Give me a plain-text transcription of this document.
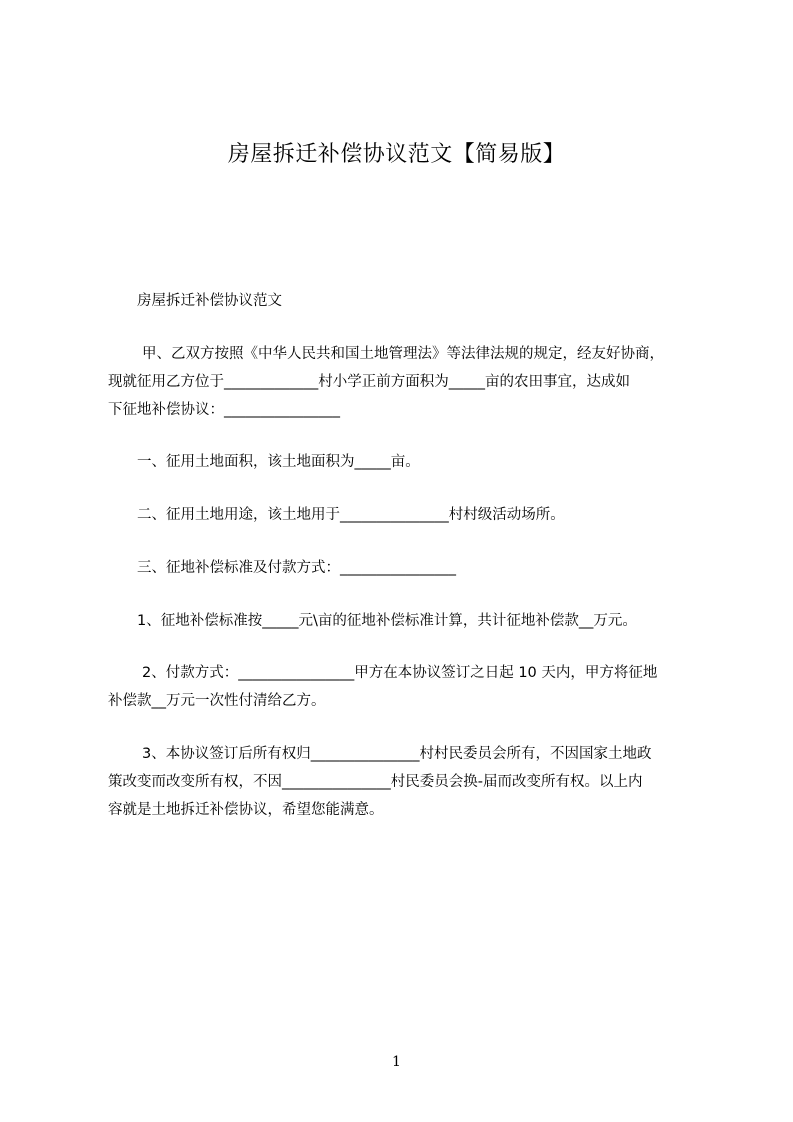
房屋拆迁补偿协议范文【简易版】
房屋拆迁补偿协议范文
甲、乙双方按照《中华人民共和国土地管理法》等法律法规的规定，经友好协商，
现就征用乙方位于_____________村小学正前方面积为_____亩的农田事宜，达成如
下征地补偿协议：________________
一、征用土地面积，该土地面积为_____亩。
二、征用土地用途，该土地用于_______________村村级活动场所。
三、征地补偿标准及付款方式：________________
1、征地补偿标准按_____元\亩的征地补偿标准计算，共计征地补偿款__万元。
2、付款方式：________________甲方在本协议签订之日起 10 天内，甲方将征地
补偿款__万元一次性付清给乙方。
3、本协议签订后所有权归_______________村村民委员会所有，不因国家土地政
策改变而改变所有权，不因_______________村民委员会换-届而改变所有权。以上内
容就是土地拆迁补偿协议，希望您能满意。
1
